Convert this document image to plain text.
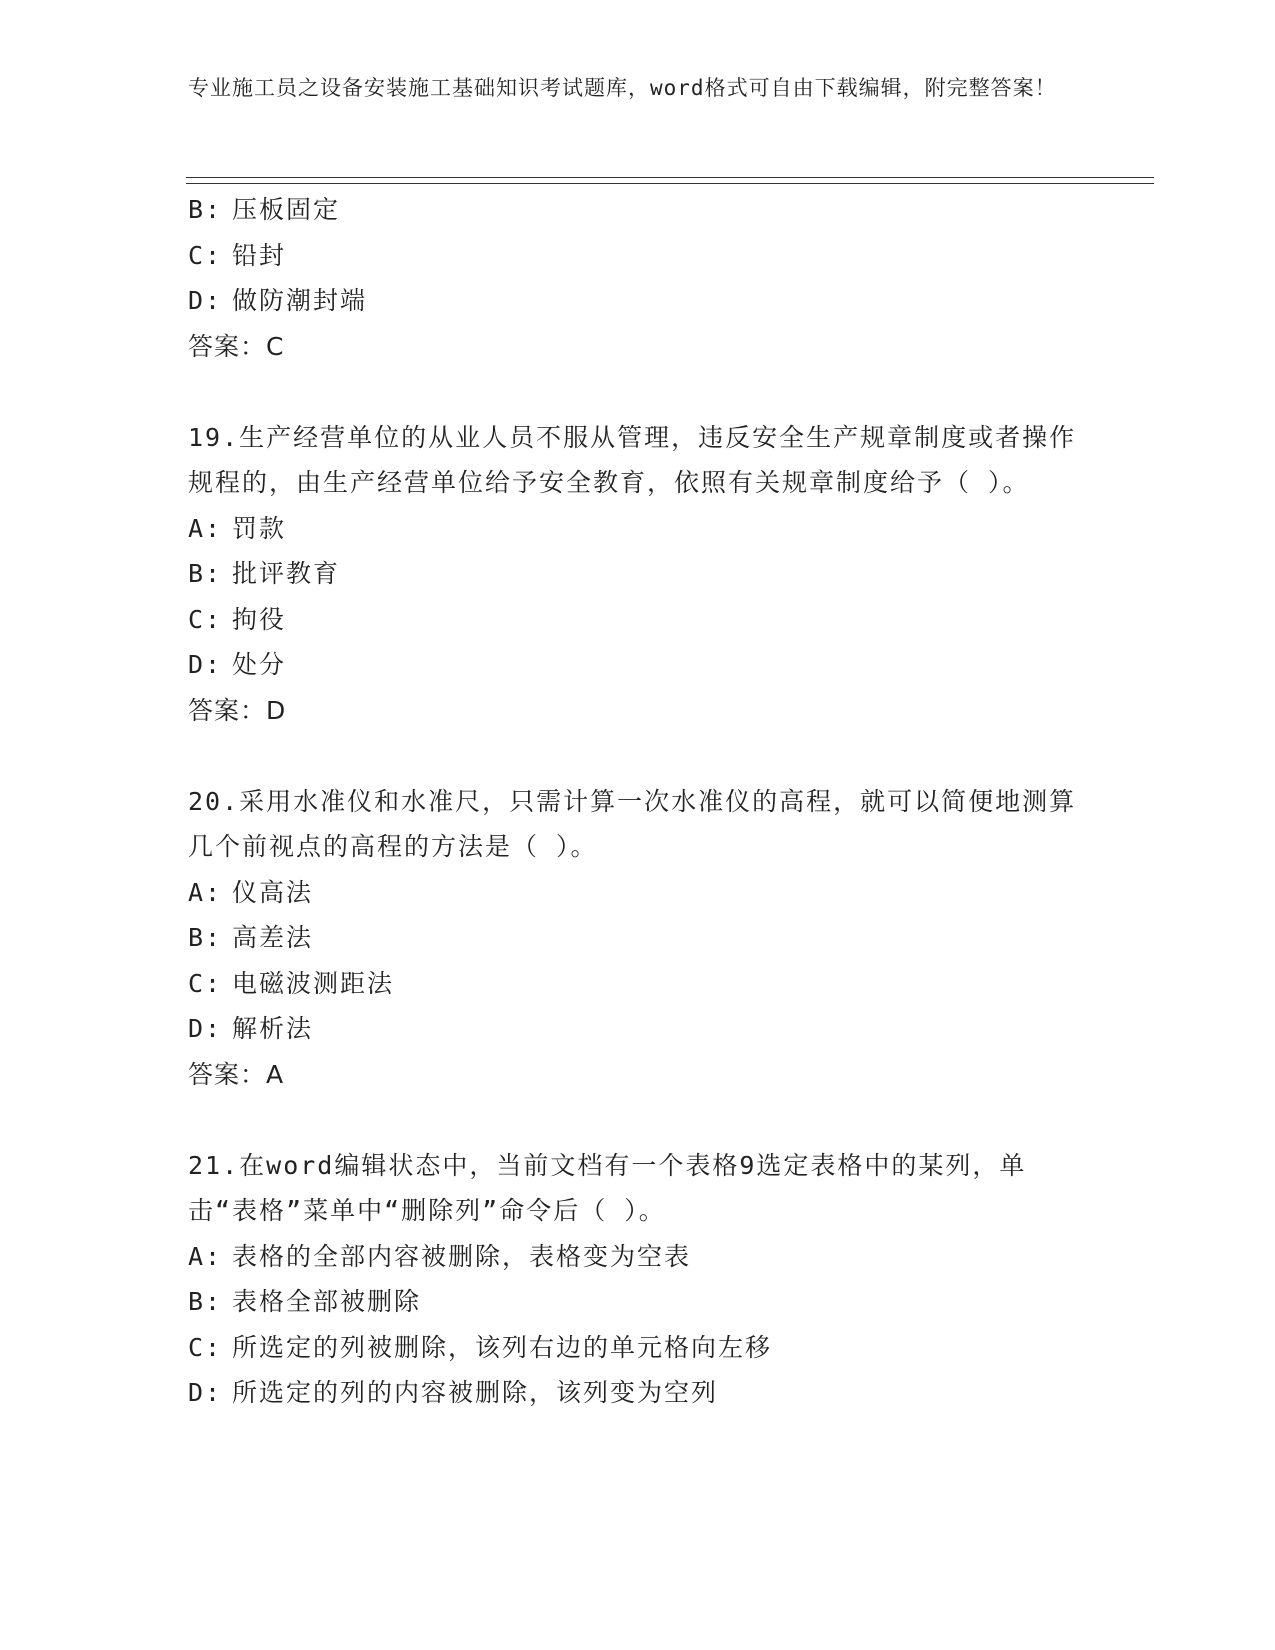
专业施工员之设备安装施工基础知识考试题库，word格式可自由下载编辑，附完整答案！
B: 压板固定
C: 铅封
D: 做防潮封端
答案：C
19.生产经营单位的从业人员不服从管理，违反安全生产规章制度或者操作规程的，由生产经营单位给予安全教育，依照有关规章制度给予（ ）。
A: 罚款
B: 批评教育
C: 拘役
D: 处分
答案：D
20.采用水准仪和水准尺，只需计算一次水准仪的高程，就可以简便地测算几个前视点的高程的方法是（ ）。
A: 仪高法
B: 高差法
C: 电磁波测距法
D: 解析法
答案：A
21.在word编辑状态中，当前文档有一个表格9选定表格中的某列，单击“表格”菜单中“删除列”命令后（ ）。
A: 表格的全部内容被删除，表格变为空表
B: 表格全部被删除
C: 所选定的列被删除，该列右边的单元格向左移
D: 所选定的列的内容被删除，该列变为空列
